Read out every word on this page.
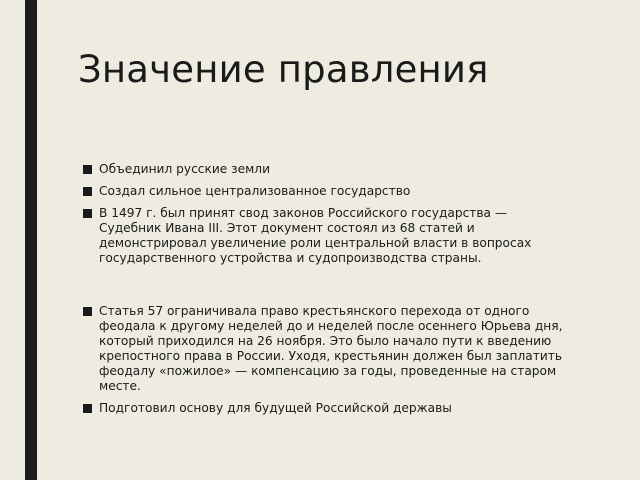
Значение правления
Объединил русские земли
Создал сильное централизованное государство
В 1497 г. был принят свод законов Российского государства — Судебник Ивана III. Этот документ состоял из 68 статей и демонстрировал увеличение роли центральной власти в вопросах государственного устройства и судопроизводства страны.
Статья 57 ограничивала право крестьянского перехода от одного феодала к другому неделей до и неделей после осеннего Юрьева дня, который приходился на 26 ноября. Это было начало пути к введению крепостного права в России. Уходя, крестьянин должен был заплатить феодалу «пожилое» — компенсацию за годы, проведенные на старом месте.
Подготовил основу для будущей Российской державы
